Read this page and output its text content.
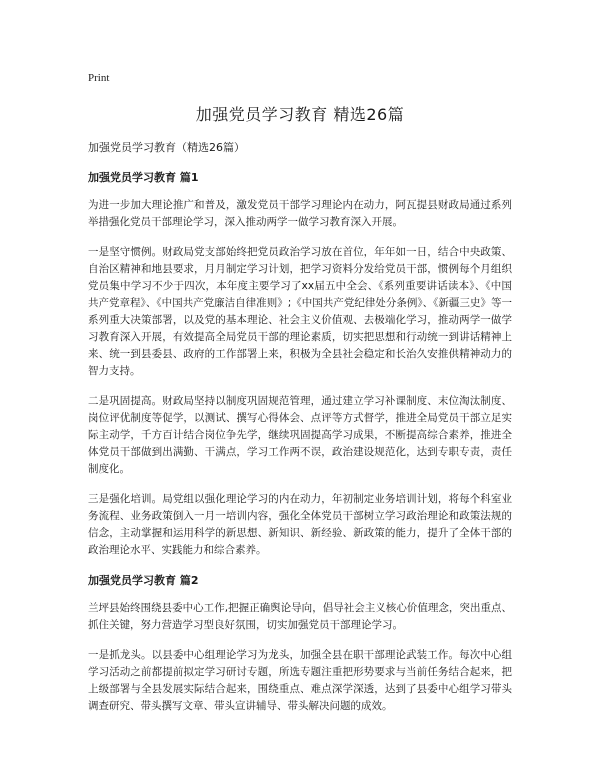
Print
加强党员学习教育 精选26篇
加强党员学习教育（精选26篇）
加强党员学习教育 篇1

为进一步加大理论推广和普及，激发党员干部学习理论内在动力，阿瓦提县财政局通过系列举措强化党员干部理论学习，深入推动两学一做学习教育深入开展。

一是坚守惯例。财政局党支部始终把党员政治学习放在首位，年年如一日，结合中央政策、自治区精神和地县要求，月月制定学习计划，把学习资料分发给党员干部，惯例每个月组织党员集中学习不少于四次，本年度主要学习了xx届五中全会、《系列重要讲话读本》、《中国共产党章程》、《中国共产党廉洁自律准则》;《中国共产党纪律处分条例》、《新疆三史》等一系列重大决策部署，以及党的基本理论、社会主义价值观、去极端化学习，推动两学一做学习教育深入开展，有效提高全局党员干部的理论素质，切实把思想和行动统一到讲话精神上来、统一到县委县、政府的工作部署上来，积极为全县社会稳定和长治久安推供精神动力的智力支持。

二是巩固提高。财政局坚持以制度巩固规范管理，通过建立学习补课制度、末位淘汰制度、岗位评优制度等促学，以测试、撰写心得体会、点评等方式督学，推进全局党员干部立足实际主动学，千方百计结合岗位争先学，继续巩固提高学习成果，不断提高综合素养，推进全体党员干部做到出满勤、干满点，学习工作两不误，政治建设规范化，达到专职专责，责任制度化。

三是强化培训。局党组以强化理论学习的内在动力，年初制定业务培训计划，将每个科室业务流程、业务政策倒入一月一培训内容，强化全体党员干部树立学习政治理论和政策法规的信念，主动掌握和运用科学的新思想、新知识、新经验、新政策的能力，提升了全体干部的政治理论水平、实践能力和综合素养。

加强党员学习教育 篇2

兰坪县始终围绕县委中心工作,把握正确舆论导向，倡导社会主义核心价值理念，突出重点、抓住关键，努力营造学习型良好氛围，切实加强党员干部理论学习。

一是抓龙头。以县委中心组理论学习为龙头，加强全县在职干部理论武装工作。每次中心组学习活动之前都提前拟定学习研讨专题，所选专题注重把形势要求与当前任务结合起来，把上级部署与全县发展实际结合起来，围绕重点、难点深学深透，达到了县委中心组学习带头调查研究、带头撰写文章、带头宣讲辅导、带头解决问题的成效。
